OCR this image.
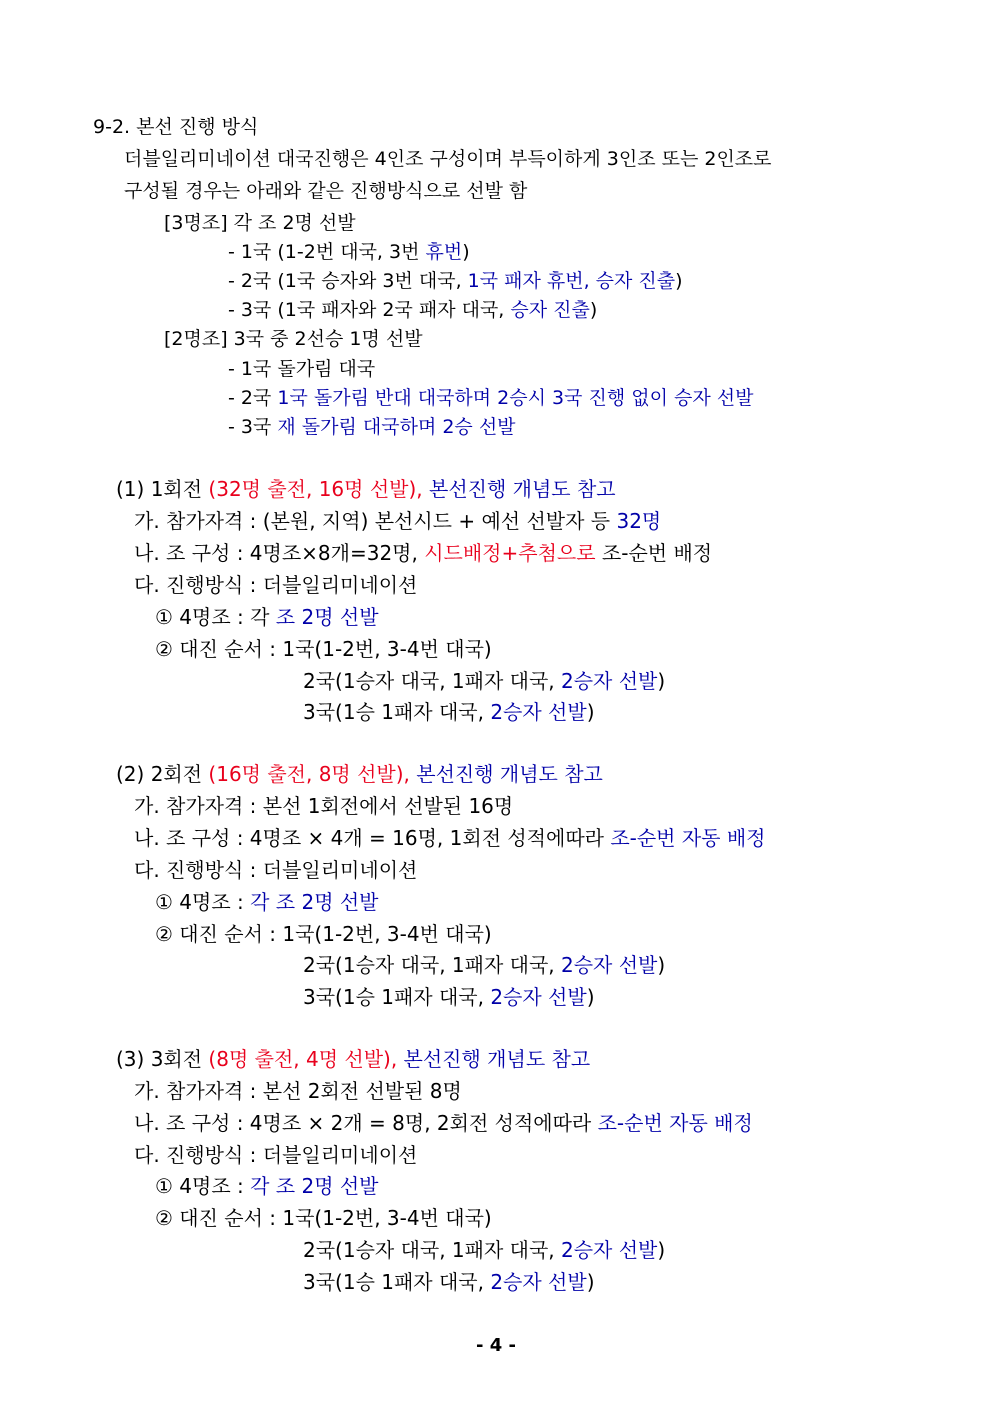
9-2. 본선 진행 방식

더블일리미네이션 대국진행은 4인조 구성이며 부득이하게 3인조 또는 2인조로

구성될 경우는 아래와 같은 진행방식으로 선발 함

[3명조] 각 조 2명 선발

- 1국 (1-2번 대국, 3번 휴번)

- 2국 (1국 승자와 3번 대국, 1국 패자 휴번, 승자 진출)

- 3국 (1국 패자와 2국 패자 대국, 승자 진출)

[2명조] 3국 중 2선승 1명 선발

- 1국 돌가림 대국

- 2국 1국 돌가림 반대 대국하며 2승시 3국 진행 없이 승자 선발

- 3국 재 돌가림 대국하며 2승 선발

(1) 1회전 (32명 출전, 16명 선발), 본선진행 개념도 참고

가. 참가자격 : (본원, 지역) 본선시드 + 예선 선발자 등 32명

나. 조 구성 : 4명조×8개=32명, 시드배정+추첨으로 조-순번 배정

다. 진행방식 : 더블일리미네이션

① 4명조 : 각 조 2명 선발

② 대진 순서 : 1국(1-2번, 3-4번 대국)

2국(1승자 대국, 1패자 대국, 2승자 선발)

3국(1승 1패자 대국, 2승자 선발)

(2) 2회전 (16명 출전, 8명 선발), 본선진행 개념도 참고

가. 참가자격 : 본선 1회전에서 선발된 16명

나. 조 구성 : 4명조 × 4개 = 16명, 1회전 성적에따라 조-순번 자동 배정

다. 진행방식 : 더블일리미네이션

① 4명조 : 각 조 2명 선발

② 대진 순서 : 1국(1-2번, 3-4번 대국)

2국(1승자 대국, 1패자 대국, 2승자 선발)

3국(1승 1패자 대국, 2승자 선발)

(3) 3회전 (8명 출전, 4명 선발), 본선진행 개념도 참고

가. 참가자격 : 본선 2회전 선발된 8명

나. 조 구성 : 4명조 × 2개 = 8명, 2회전 성적에따라 조-순번 자동 배정

다. 진행방식 : 더블일리미네이션

① 4명조 : 각 조 2명 선발

② 대진 순서 : 1국(1-2번, 3-4번 대국)

2국(1승자 대국, 1패자 대국, 2승자 선발)

3국(1승 1패자 대국, 2승자 선발)

- 4 -
